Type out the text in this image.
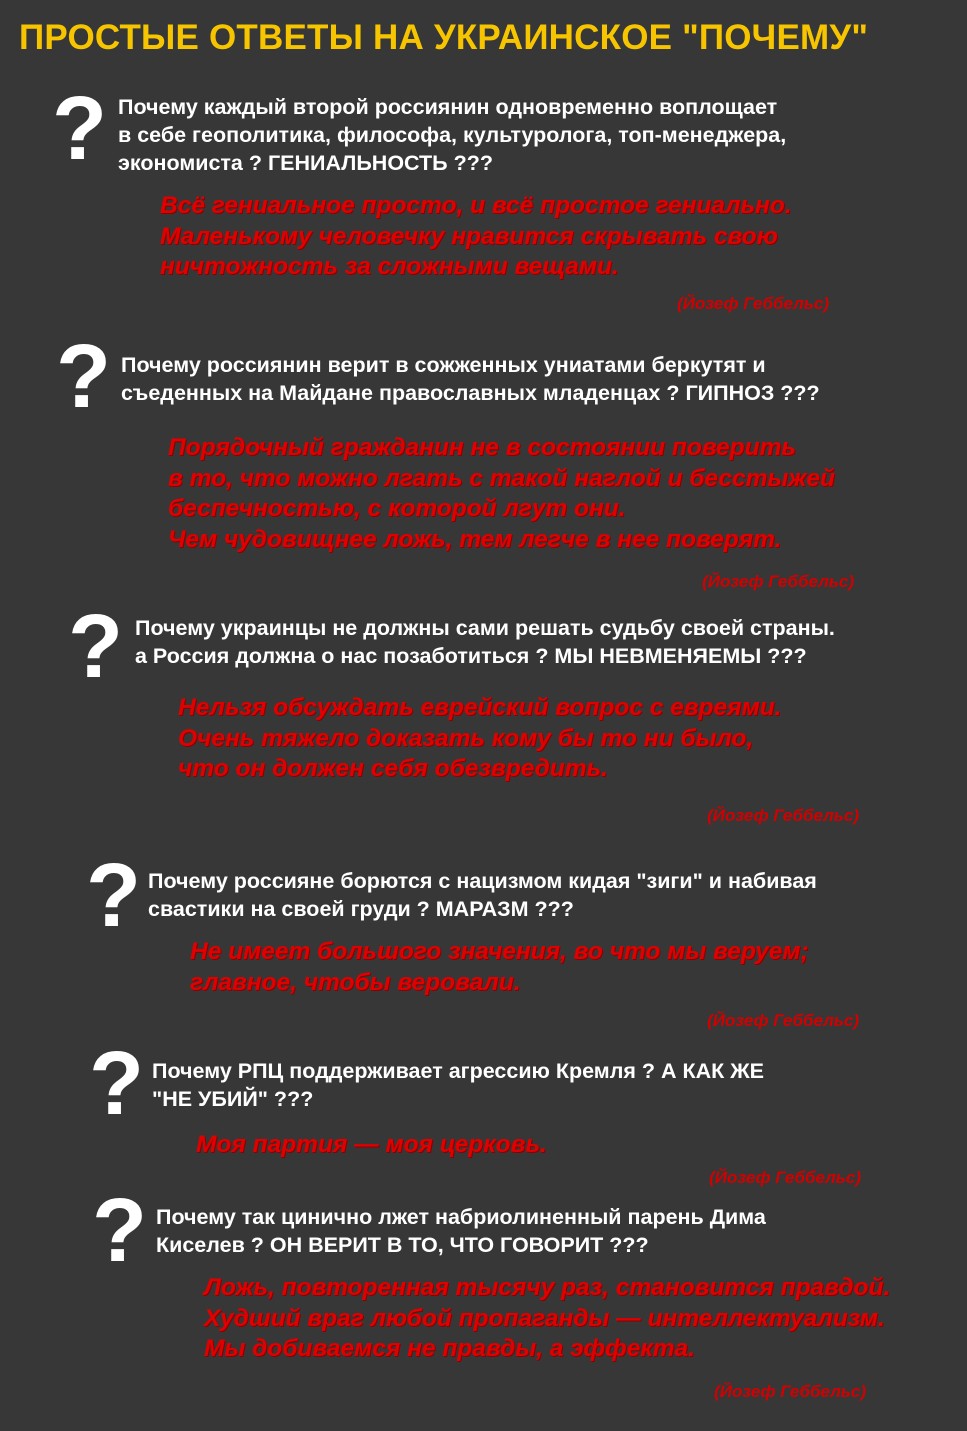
ПРОСТЫЕ ОТВЕТЫ НА УКРАИНСКОЕ "ПОЧЕМУ"
? Почему каждый второй россиянин одновременно воплощает
в себе геополитика, философа, культуролога, топ-менеджера,
экономиста ? ГЕНИАЛЬНОСТЬ ???

Всё гениальное просто, и всё простое гениально.
Маленькому человечку нравится скрывать свою
ничтожность за сложными вещами.

(Йозеф Геббельс)

? Почему россиянин верит в сожженных униатами беркутят и
съеденных на Майдане православных младенцах ? ГИПНОЗ ???

Порядочный гражданин не в состоянии поверить
в то, что можно лгать с такой наглой и бесстыжей
беспечностью, с которой лгут они.
Чем чудовищнее ложь, тем легче в нее поверят.

(Йозеф Геббельс)

? Почему украинцы не должны сами решать судьбу своей страны.
а Россия должна о нас позаботиться ? МЫ НЕВМЕНЯЕМЫ ???

Нельзя обсуждать еврейский вопрос с евреями.
Очень тяжело доказать кому бы то ни было,
что он должен себя обезвредить.

(Йозеф Геббельс)

? Почему россияне борются с нацизмом кидая "зиги" и набивая
свастики на своей груди ? МАРАЗМ ???

Не имеет большого значения, во что мы веруем;
главное, чтобы веровали.

(Йозеф Геббельс)

? Почему РПЦ поддерживает агрессию Кремля ? А КАК ЖЕ
"НЕ УБИЙ" ???

Моя партия — моя церковь.

(Йозеф Геббельс)

? Почему так цинично лжет набриолиненный парень Дима
Киселев ? ОН ВЕРИТ В ТО, ЧТО ГОВОРИТ ???

Ложь, повторенная тысячу раз, становится правдой.
Худший враг любой пропаганды — интеллектуализм.
Мы добиваемся не правды, а эффекта.

(Йозеф Геббельс)
